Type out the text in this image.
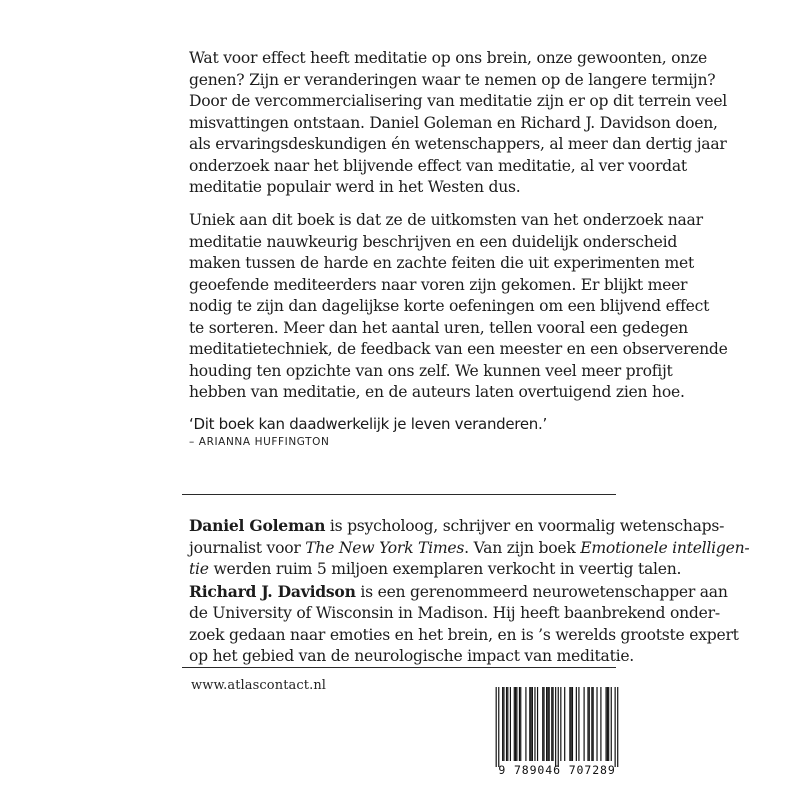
Wat voor effect heeft meditatie op ons brein, onze gewoonten, onze
genen? Zijn er veranderingen waar te nemen op de langere termijn?
Door de vercommercialisering van meditatie zijn er op dit terrein veel
misvattingen ontstaan. Daniel Goleman en Richard J. Davidson doen,
als ervaringsdeskundigen én wetenschappers, al meer dan dertig jaar
onderzoek naar het blijvende effect van meditatie, al ver voordat
meditatie populair werd in het Westen dus.
Uniek aan dit boek is dat ze de uitkomsten van het onderzoek naar
meditatie nauwkeurig beschrijven en een duidelijk onderscheid
maken tussen de harde en zachte feiten die uit experimenten met
geoefende mediteerders naar voren zijn gekomen. Er blijkt meer
nodig te zijn dan dagelijkse korte oefeningen om een blijvend effect
te sorteren. Meer dan het aantal uren, tellen vooral een gedegen
meditatietechniek, de feedback van een meester en een observerende
houding ten opzichte van ons zelf. We kunnen veel meer profijt
hebben van meditatie, en de auteurs laten overtuigend zien hoe.

‘Dit boek kan daadwerkelijk je leven veranderen.’

– ARIANNA HUFFINGTON

Daniel Goleman is psycholoog, schrijver en voormalig wetenschaps-
journalist voor The New York Times. Van zijn boek Emotionele intelligen-
tie werden ruim 5 miljoen exemplaren verkocht in veertig talen.
Richard J. Davidson is een gerenommeerd neurowetenschapper aan
de University of Wisconsin in Madison. Hij heeft baanbrekend onder-
zoek gedaan naar emoties en het brein, en is ’s werelds grootste expert
op het gebied van de neurologische impact van meditatie.

www.atlascontact.nl

9 789046 707289
